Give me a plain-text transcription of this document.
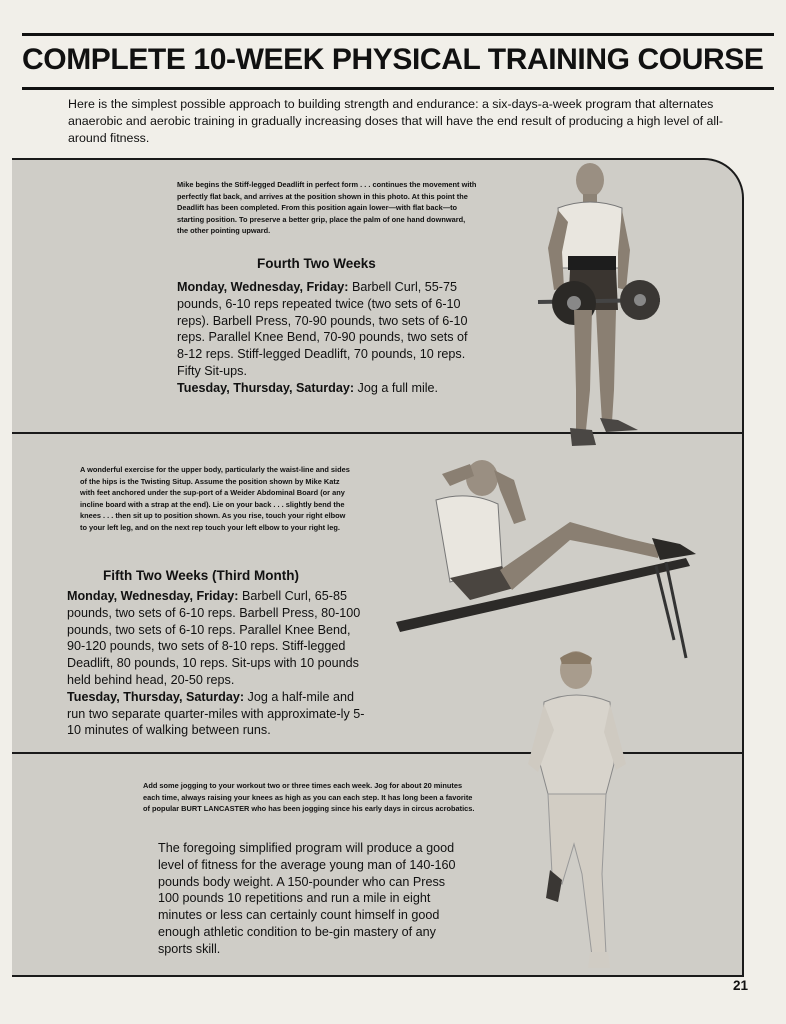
COMPLETE 10-WEEK PHYSICAL TRAINING COURSE
Here is the simplest possible approach to building strength and endurance: a six-days-a-week program that alternates anaerobic and aerobic training in gradually increasing doses that will have the end result of producing a high level of all-around fitness.
Mike begins the Stiff-legged Deadlift in perfect form . . . continues the movement with perfectly flat back, and arrives at the position shown in this photo. At this point the Deadlift has been completed. From this position again lower—with flat back—to starting position. To preserve a better grip, place the palm of one hand downward, the other pointing upward.
Fourth Two Weeks
Monday, Wednesday, Friday: Barbell Curl, 55-75 pounds, 6-10 reps repeated twice (two sets of 6-10 reps). Barbell Press, 70-90 pounds, two sets of 6-10 reps. Parallel Knee Bend, 70-90 pounds, two sets of 8-12 reps. Stiff-legged Deadlift, 70 pounds, 10 reps. Fifty Sit-ups.
Tuesday, Thursday, Saturday: Jog a full mile.
A wonderful exercise for the upper body, particularly the waist-line and sides of the hips is the Twisting Situp. Assume the position shown by Mike Katz with feet anchored under the sup-port of a Weider Abdominal Board (or any incline board with a strap at the end). Lie on your back . . . slightly bend the knees . . . then sit up to position shown. As you rise, touch your right elbow to your left leg, and on the next rep touch your left elbow to your right leg.
Fifth Two Weeks (Third Month)
Monday, Wednesday, Friday: Barbell Curl, 65-85 pounds, two sets of 6-10 reps. Barbell Press, 80-100 pounds, two sets of 6-10 reps. Parallel Knee Bend, 90-120 pounds, two sets of 8-10 reps. Stiff-legged Deadlift, 80 pounds, 10 reps. Sit-ups with 10 pounds held behind head, 20-50 reps.
Tuesday, Thursday, Saturday: Jog a half-mile and run two separate quarter-miles with approximate-ly 5-10 minutes of walking between runs.
Add some jogging to your workout two or three times each week. Jog for about 20 minutes each time, always raising your knees as high as you can each step. It has long been a favorite of popular BURT LANCASTER who has been jogging since his early days in circus acrobatics.
The foregoing simplified program will produce a good level of fitness for the average young man of 140-160 pounds body weight. A 150-pounder who can Press 100 pounds 10 repetitions and run a mile in eight minutes or less can certainly count himself in good enough athletic condition to be-gin mastery of any sports skill.
21
